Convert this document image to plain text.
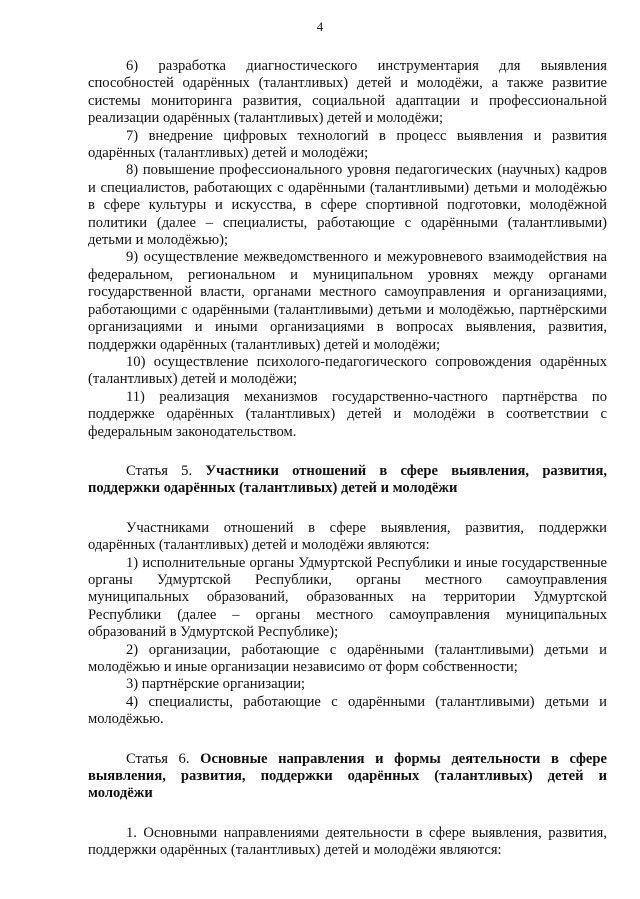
4

6) разработка диагностического инструментария для выявления способностей одарённых (талантливых) детей и молодёжи, а также развитие системы мониторинга развития, социальной адаптации и профессиональной реализации одарённых (талантливых) детей и молодёжи;

7) внедрение цифровых технологий в процесс выявления и развития одарённых (талантливых) детей и молодёжи;

8) повышение профессионального уровня педагогических (научных) кадров и специалистов, работающих с одарёнными (талантливыми) детьми и молодёжью в сфере культуры и искусства, в сфере спортивной подготовки, молодёжной политики (далее – специалисты, работающие с одарёнными (талантливыми) детьми и молодёжью);

9) осуществление межведомственного и межуровневого взаимодействия на федеральном, региональном и муниципальном уровнях между органами государственной власти, органами местного самоуправления и организациями, работающими с одарёнными (талантливыми) детьми и молодёжью, партнёрскими организациями и иными организациями в вопросах выявления, развития, поддержки одарённых (талантливых) детей и молодёжи;

10) осуществление психолого-педагогического сопровождения одарённых (талантливых) детей и молодёжи;

11) реализация механизмов государственно-частного партнёрства по поддержке одарённых (талантливых) детей и молодёжи в соответствии с федеральным законодательством.

Статья 5. Участники отношений в сфере выявления, развития, поддержки одарённых (талантливых) детей и молодёжи

Участниками отношений в сфере выявления, развития, поддержки одарённых (талантливых) детей и молодёжи являются:

1) исполнительные органы Удмуртской Республики и иные государственные органы Удмуртской Республики, органы местного самоуправления муниципальных образований, образованных на территории Удмуртской Республики (далее – органы местного самоуправления муниципальных образований в Удмуртской Республике);

2) организации, работающие с одарёнными (талантливыми) детьми и молодёжью и иные организации независимо от форм собственности;

3) партнёрские организации;

4) специалисты, работающие с одарёнными (талантливыми) детьми и молодёжью.

Статья 6. Основные направления и формы деятельности в сфере выявления, развития, поддержки одарённых (талантливых) детей и молодёжи

1. Основными направлениями деятельности в сфере выявления, развития, поддержки одарённых (талантливых) детей и молодёжи являются:
